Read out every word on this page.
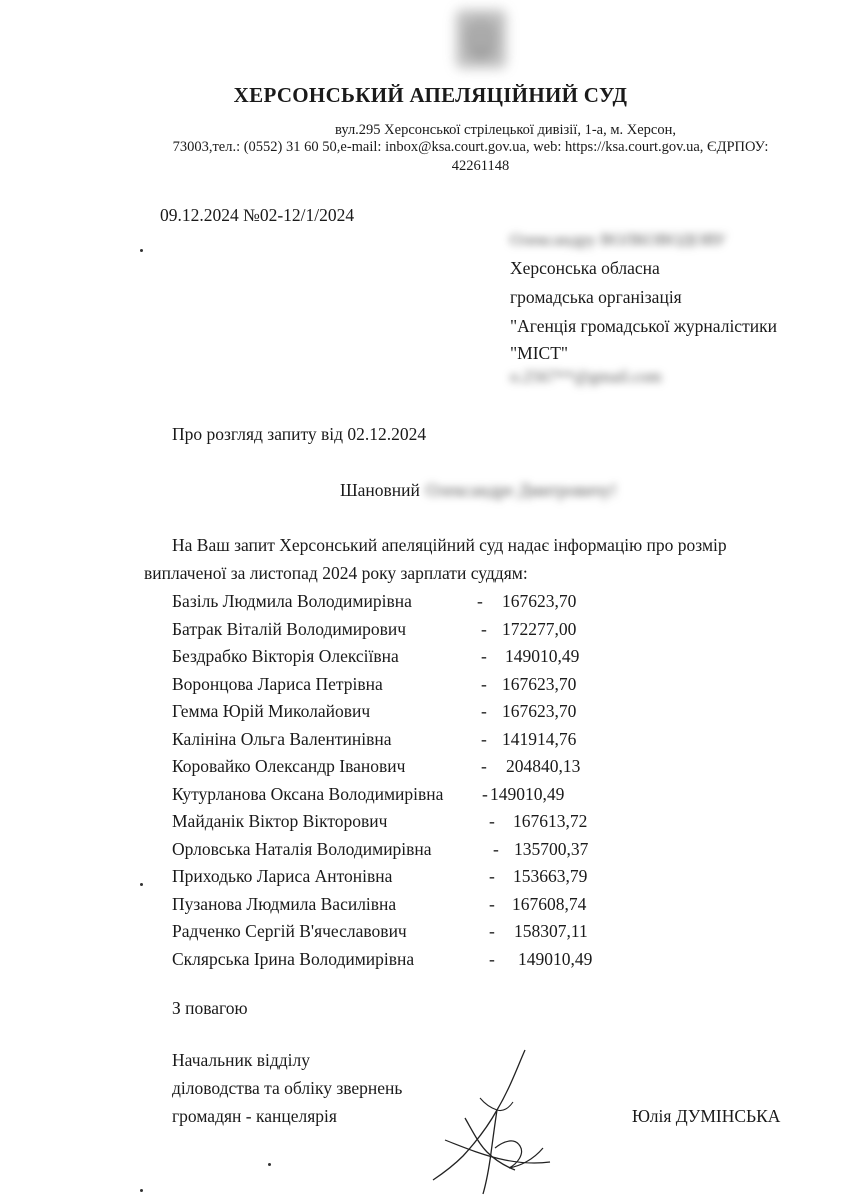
ХЕРСОНСЬКИЙ АПЕЛЯЦІЙНИЙ СУД
вул.295 Херсонської стрілецької дивізії, 1-а, м. Херсон,
73003,тел.: (0552) 31 60 50,e-mail: inbox@ksa.court.gov.ua, web: https://ksa.court.gov.ua, ЄДРПОУ:
42261148
09.12.2024 №02-12/1/2024
Олександру ВОЛКОВОДОВУ
Херсонська обласна
громадська організація
"Агенція громадської журналістики
"МІСТ"
o.2567**@gmail.com
Про розгляд запиту від 02.12.2024
Шановний Олександре Дмитровичу!
На Ваш запит Херсонський апеляційний суд надає інформацію про розмір
виплаченої за листопад 2024 року зарплати суддям:
Базіль Людмила Володимирівна	- 167623,70
Батрак Віталій Володимирович	- 172277,00
Бездрабко Вікторія Олексіївна	- 149010,49
Воронцова Лариса Петрівна	- 167623,70
Гемма Юрій Миколайович	- 167623,70
Калініна Ольга Валентинівна	- 141914,76
Коровайко Олександр Іванович	- 204840,13
Кутурланова Оксана Володимирівна - 149010,49
Майданік Віктор Вікторович	- 167613,72
Орловська Наталія Володимирівна	- 135700,37
Приходько Лариса Антонівна	- 153663,79
Пузанова Людмила Василівна	- 167608,74
Радченко Сергій В'ячеславович	- 158307,11
Склярська Ірина Володимирівна	- 149010,49
З повагою
Начальник відділу
діловодства та обліку звернень
громадян - канцелярія	Юлія ДУМІНСЬКА
